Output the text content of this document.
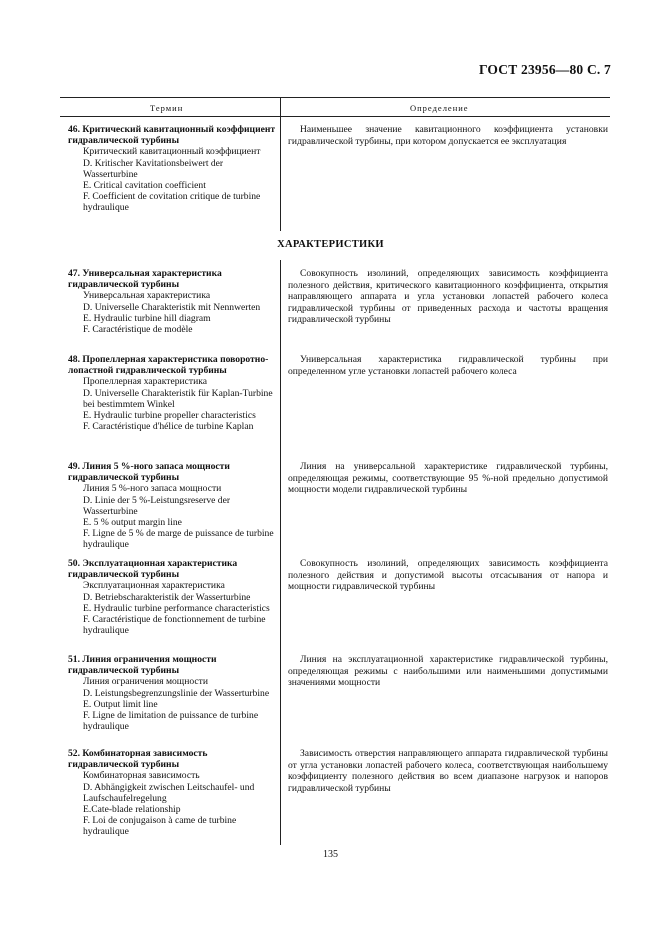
ГОСТ 23956—80 С. 7
Термин	Определение
46. Критический кавитационный коэффициент гидравлической турбины
Критический кавитационный коэффициент
D. Kritischer Kavitationsbeiwert der Wasserturbine
E. Critical cavitation coefficient
F. Coefficient de covitation critique de turbine hydraulique
Наименьшее значение кавитационного коэффициента установки гидравлической турбины, при котором допускается ее эксплуатация
ХАРАКТЕРИСТИКИ
47. Универсальная характеристика гидравлической турбины
Универсальная характеристика
D. Universelle Charakteristik mit Nennwerten
E. Hydraulic turbine hill diagram
F. Caractéristique de modèle
Совокупность изолиний, определяющих зависимость коэффициента полезного действия, критического кавитационного коэффициента, открытия направляющего аппарата и угла установки лопастей рабочего колеса гидравлической турбины от приведенных расхода и частоты вращения гидравлической турбины
48. Пропеллерная характеристика поворотно-лопастной гидравлической турбины
Пропеллерная характеристика
D. Universelle Charakteristik für Kaplan-Turbine bei bestimmtem Winkel
E. Hydraulic turbine propeller characteristics
F. Caractéristique d'hélice de turbine Kaplan
Универсальная характеристика гидравлической турбины при определенном угле установки лопастей рабочего колеса
49. Линия 5 %-ного запаса мощности гидравлической турбины
Линия 5 %-ного запаса мощности
D. Linie der 5 %-Leistungsreserve der Wasserturbine
E. 5 % output margin line
F. Ligne de 5 % de marge de puissance de turbine hydraulique
Линия на универсальной характеристике гидравлической турбины, определяющая режимы, соответствующие 95 %-ной предельно допустимой мощности модели гидравлической турбины
50. Эксплуатационная характеристика гидравлической турбины
Эксплуатационная характеристика
D. Betriebscharakteristik der Wasserturbine
E. Hydraulic turbine performance characteristics
F. Caractéristique de fonctionnement de turbine hydraulique
Совокупность изолиний, определяющих зависимость коэффициента полезного действия и допустимой высоты отсасывания от напора и мощности гидравлической турбины
51. Линия ограничения мощности гидравлической турбины
Линия ограничения мощности
D. Leistungsbegrenzungslinie der Wasserturbine
E. Output limit line
F. Ligne de limitation de puissance de turbine hydraulique
Линия на эксплуатационной характеристике гидравлической турбины, определяющая режимы с наибольшими или наименьшими допустимыми значениями мощности
52. Комбинаторная зависимость гидравлической турбины
Комбинаторная зависимость
D. Abhängigkeit zwischen Leitschaufel- und Laufschaufelregelung
E.Cate-blade relationship
F. Loi de conjugaison à came de turbine hydraulique
Зависимость отверстия направляющего аппарата гидравлической турбины от угла установки лопастей рабочего колеса, соответствующая наибольшему коэффициенту полезного действия во всем диапазоне нагрузок и напоров гидравлической турбины
135
